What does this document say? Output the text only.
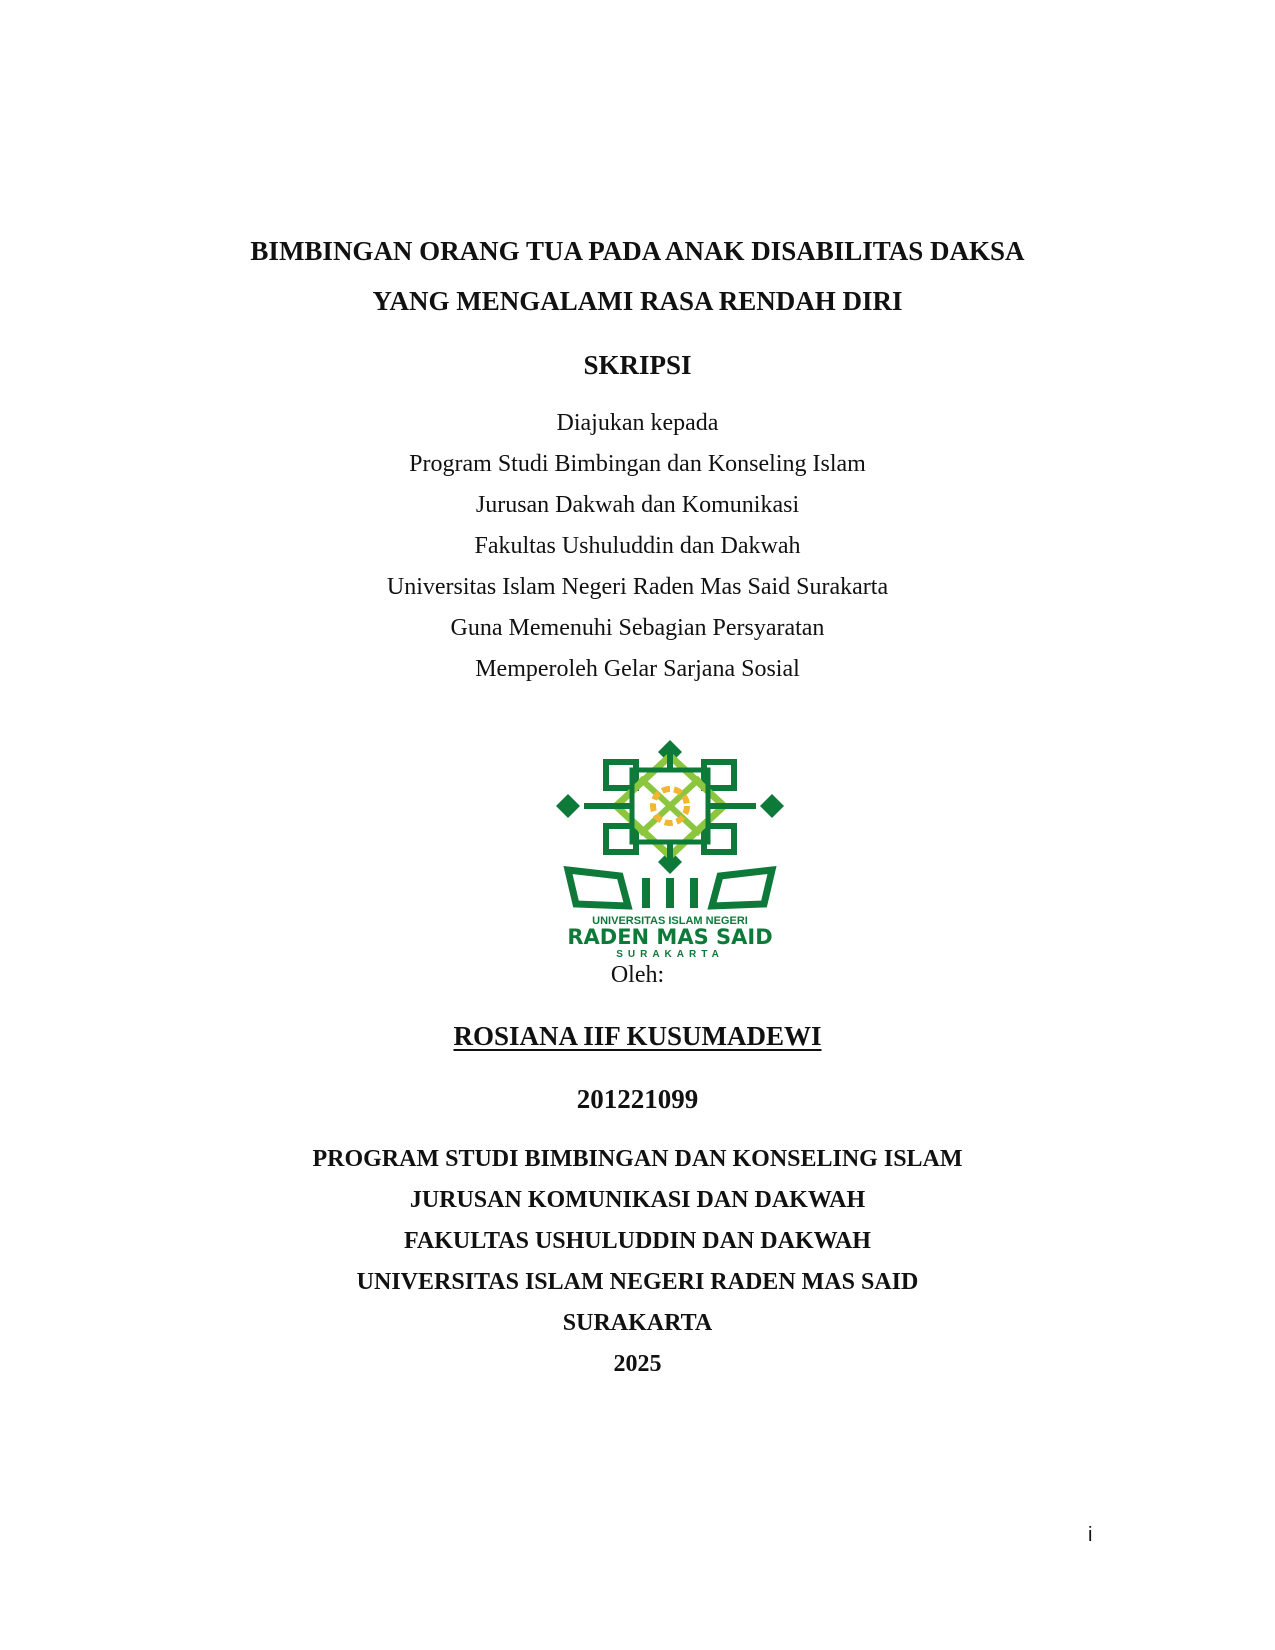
BIMBINGAN ORANG TUA PADA ANAK DISABILITAS DAKSA
YANG MENGALAMI RASA RENDAH DIRI
SKRIPSI
Diajukan kepada
Program Studi Bimbingan dan Konseling Islam
Jurusan Dakwah dan Komunikasi
Fakultas Ushuluddin dan Dakwah
Universitas Islam Negeri Raden Mas Said Surakarta
Guna Memenuhi Sebagian Persyaratan
Memperoleh Gelar Sarjana Sosial
UNIVERSITAS ISLAM NEGERI
RADEN MAS SAID
SURAKARTA
Oleh:
ROSIANA IIF KUSUMADEWI
201221099
PROGRAM STUDI BIMBINGAN DAN KONSELING ISLAM
JURUSAN KOMUNIKASI DAN DAKWAH
FAKULTAS USHULUDDIN DAN DAKWAH
UNIVERSITAS ISLAM NEGERI RADEN MAS SAID
SURAKARTA
2025
i
